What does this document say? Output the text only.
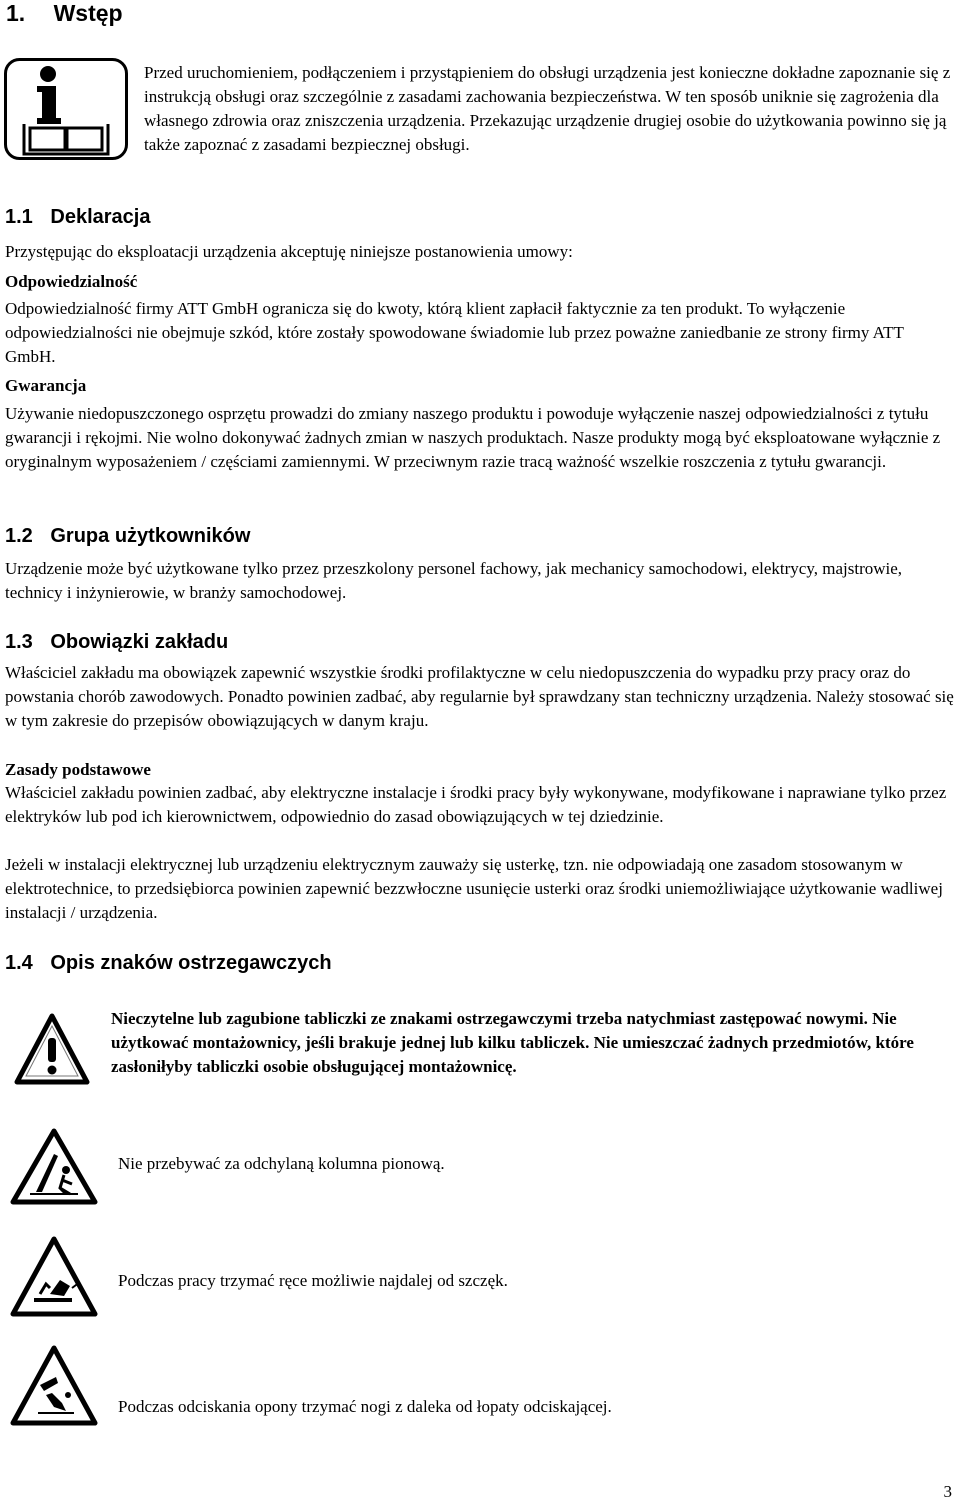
1. Wstęp
Przed uruchomieniem, podłączeniem i przystąpieniem do obsługi urządzenia jest konieczne dokładne zapoznanie się z instrukcją obsługi oraz szczególnie z zasadami zachowania bezpieczeństwa. W ten sposób uniknie się zagrożenia dla własnego zdrowia oraz zniszczenia urządzenia. Przekazując urządzenie drugiej osobie do użytkowania powinno się ją także zapoznać z zasadami bezpiecznej obsługi.
1.1 Deklaracja
Przystępując do eksploatacji urządzenia akceptuję niniejsze postanowienia umowy:
Odpowiedzialność
Odpowiedzialność firmy ATT GmbH ogranicza się do kwoty, którą klient zapłacił faktycznie za ten produkt. To wyłączenie odpowiedzialności nie obejmuje szkód, które zostały spowodowane świadomie lub przez poważne zaniedbanie ze strony firmy ATT GmbH.
Gwarancja
Używanie niedopuszczonego osprzętu prowadzi do zmiany naszego produktu i powoduje wyłączenie naszej odpowiedzialności z tytułu gwarancji i rękojmi. Nie wolno dokonywać żadnych zmian w naszych produktach. Nasze produkty mogą być eksploatowane wyłącznie z oryginalnym wyposażeniem / częściami zamiennymi. W przeciwnym razie tracą ważność wszelkie roszczenia z tytułu gwarancji.
1.2 Grupa użytkowników
Urządzenie może być użytkowane tylko przez przeszkolony personel fachowy, jak mechanicy samochodowi, elektrycy, majstrowie, technicy i inżynierowie, w branży samochodowej.
1.3 Obowiązki zakładu
Właściciel zakładu ma obowiązek zapewnić wszystkie środki profilaktyczne w celu niedopuszczenia do wypadku przy pracy oraz do powstania chorób zawodowych. Ponadto powinien zadbać, aby regularnie był sprawdzany stan techniczny urządzenia. Należy stosować się w tym zakresie do przepisów obowiązujących w danym kraju.
Zasady podstawowe
Właściciel zakładu powinien zadbać, aby elektryczne instalacje i środki pracy były wykonywane, modyfikowane i naprawiane tylko przez elektryków lub pod ich kierownictwem, odpowiednio do zasad obowiązujących w tej dziedzinie.
Jeżeli w instalacji elektrycznej lub urządzeniu elektrycznym zauważy się usterkę, tzn. nie odpowiadają one zasadom stosowanym w elektrotechnice, to przedsiębiorca powinien zapewnić bezzwłoczne usunięcie usterki oraz środki uniemożliwiające użytkowanie wadliwej instalacji / urządzenia.
1.4 Opis znaków ostrzegawczych
Nieczytelne lub zagubione tabliczki ze znakami ostrzegawczymi trzeba natychmiast zastępować nowymi. Nie użytkować montażownicy, jeśli brakuje jednej lub kilku tabliczek. Nie umieszczać żadnych przedmiotów, które zasłoniłyby tabliczki osobie obsługującej montażownicę.
Nie przebywać za odchylaną kolumna pionową.
Podczas pracy trzymać ręce możliwie najdalej od szczęk.
Podczas odciskania opony trzymać nogi z daleka od łopaty odciskającej.
3
